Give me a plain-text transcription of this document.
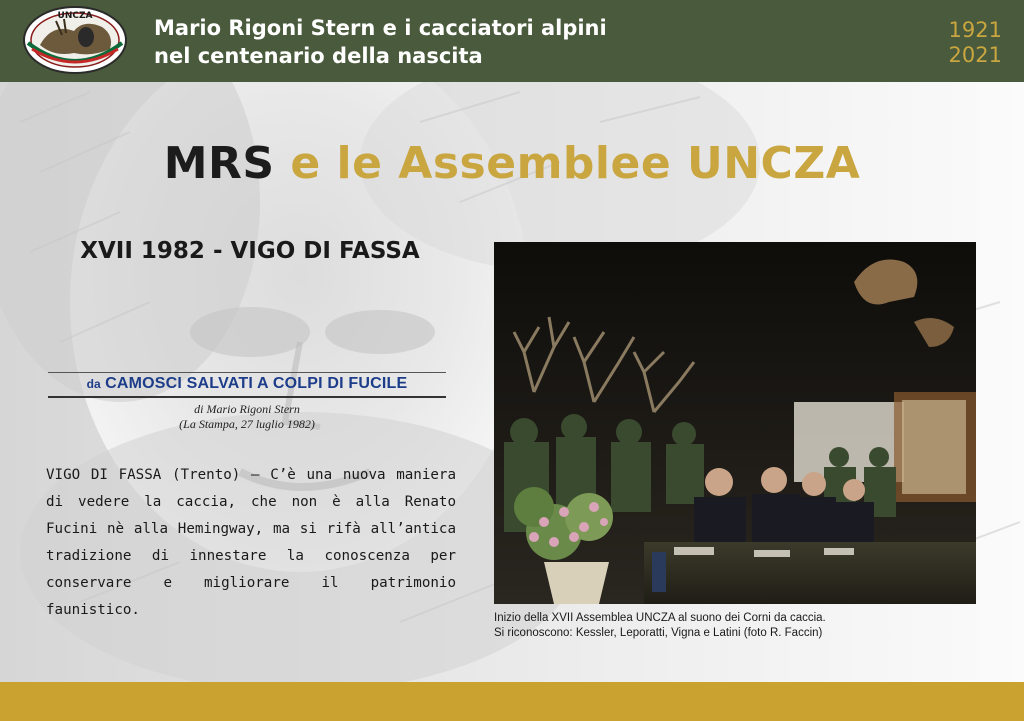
UNCZA	Mario Rigoni Stern e i cacciatori alpini
nel centenario della nascita
1921
2021
MRS e le Assemblee UNCZA
XVII 1982 - VIGO DI FASSA
da CAMOSCI SALVATI A COLPI DI FUCILE
di Mario Rigoni Stern
(La Stampa, 27 luglio 1982)
VIGO DI FASSA (Trento) – C’è una nuova maniera di vedere la caccia, che non è alla Renato Fucini nè alla Hemingway, ma si rifà all’antica tradizione di innestare la conoscenza per conservare e migliorare il patrimonio faunistico.	Inizio della XVII Assemblea UNCZA al suono dei Corni da caccia.
Si riconoscono: Kessler, Leporatti, Vigna e Latini (foto R. Faccin)
